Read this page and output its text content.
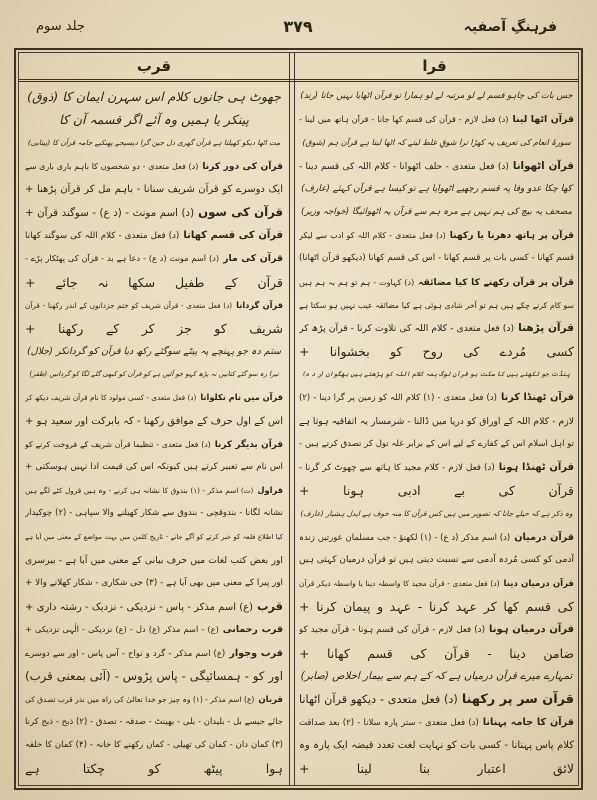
فرہنگِ آصفیہ
۳۷۹
جلد سوم
قرا
قرب
جس بات کی چاہو قسم لے لو مرتبہ لے لو ہمارا تو قرآن اٹھایا نہیں جاتا (رند)
قرآن اٹھا لینا(د) فعل لازم - قرآن کی قسم کھا جانا - قرآن ہاتھ میں لینا -
سورۂ انعام کی تعریف پہ کھڑا ترا شوقِ غلط لیتے کہ اٹھا لیتا ہے قرآن ہم (شوق)
قرآن اٹھوانا(د) فعل متعدی - حلف اٹھوانا - کلام اللہ کی قسم دینا -
کھا چکا عدو وفا پہ قسم رچھپے اٹھوایا ہے تو کیسا ہے قرآن کہئے (عارف)
مصحف یہ بیچ کی ہم نہیں ہے مرہ ہم سے قرآن یہ اٹھوائیگا (خواجہ وزیر)
قرآن پر ہاتھ دھرنا یا رکھنا(د) فعل متعدی - کلام اللہ کو ادب سے لیکر
قسم کھانا - کسی بات پر قسم کھانا - اس کی قسم کھانا (دیکھو قرآن اٹھانا)
قرآن پر قرآن رکھنے کا کیا مضائقہ(د) کہاوت - ہم تو ہم بہ ہم ہیں
سو کام کرنے چکے ہیں ہم تو آخر شادی ہوئی ہے کیا مضائقہ عیب نہیں ہو سکتا ہے
قرآن پڑھنا(د) فعل متعدی - کلام اللہ کی تلاوت کرنا - قرآن پڑھ کر
کسی مُردے کی روح کو بخشوانا +
پنڈت جو لکھتے ہیں کا سکت ہو قرآن لوگ ہمہ کلام اللہ کو پڑھتے ہیں بھگوان (ر د ہ)
قرآن ٹھنڈا کرنا(د) فعل متعدی - (۱) کلام اللہ کو زمین پر گرا دینا - (۲)
لازم - کلام اللہ کے اوراق کو دریا میں ڈالنا - شرمسار یہ اتفاقیہ ہوتا ہے
تو اہل اسلام اس کے کفارے کے لیے اس کے برابر غلہ تول کر تصدق کرتے ہیں -
قرآن ٹھنڈا ہونا(د) فعل لازم - کلام مجید کا ہاتھ سے چھوٹ کر گرنا -
قرآن کی بے ادبی ہونا +
وہ ذکر ہے کہ حیلے جانا کہ تصویر میں ہیں کس قرآن کا منہ خوف ہے ایدل ہشیار (عارف)
قرآن درمیان(د) اسم مذکر (د ع) - (۱) لکھنؤ - جب مسلمان عورتیں زندہ
آدمی کو کسی مُردہ آدمی سے نسبت دیتی ہیں تو قرآن درمیان کہتی ہیں
قرآن درمیان دینا(د) فعل متعدی - قرآن مجید کا واسطہ دینا یا واسطہ دیکر قرآن
کی قسم کھا کر عہد کرنا - عہد و پیمان کرنا +
قرآن درمیان ہونا(د) فعل لازم - قرآن کی قسم ہونا - قرآن مجید کو
ضامن دینا - قرآن کی قسم کھانا +
تمہارے میرے قرآن درمیاں ہے کہ کے ہم سے بیمار اخلاص (صابر)
قرآن سر پر رکھنا(د) فعل متعدی - دیکھو قرآن اٹھانا
قرآن کا جامہ پہنانا(د) فعل متعدی - ستر پارہ سلانا - (۲) بعد صداقت
کلام پاس پہنانا - کسی بات کو نہایت لغت تعدد قبضہ ایک پارہ وہ
لائق اعتبار بنا لینا +
جھوٹ ہی جانوں کلام اس سہرن ایمان کا (ذوق)
پینکر یا ہمیں وہ آئے اگر قسمہ آن کا
مت اٹھا دیکو کھیلتا ہے قرآن گھری دل جین گرا دیسیجے پھنکیے جامہ قرآن کا (بیتابی)
قرآن کی دور کرنا(د) فعل متعدی - دو شخصوں کا باہم باری باری سے
ایک دوسرے کو قرآن شریف سنانا - باہم مل کر قرآن پڑھنا +
قرآن کی سوں(د) اسم مونث - (د ع) - سوگند قرآن +
قرآن کی قسم کھانا(د) فعل متعدی - کلام اللہ کی سوگند کھانا
قرآن کی مار(د) اسم مونث (د ع) - دعا ہے بد - قرآن کی پھٹکار پڑے -
قرآن کے طفیل سکھا نہ جائے +
قرآن گردانا(د) فعل متعدی - قرآن شریف کو ختم جزدانوں کے اندر رکھنا - قرآن
شریف کو جز کر کے رکھنا +
ستم دہ جو پہنچے پہ پیٹے سوگئے رکھ دیا قرآن کو گردانکر (جلال)
تیرا رہ سو گئے کتابیں نہ پڑھ کہو جو آئیں ہے کو قرآن کو کبھی گلے لگا کو گردانیں (ظفر)
قرآن میں نام نکلوانا(د) فعل متعدی - کسی مولود کا نام قرآن شریف دیکھ کر
اس کے اول حرف کے موافق رکھنا - کہ بابرکت اور سعید ہو +
قرآن بدیگر کرنا(د) فعل متعدی - تنظیما قرآن شریف کے فروخت کرنے کو
اس نام سے تعبیر کرتے ہیں کیونکہ اس کی قیمت ادا نہیں ہوسکتی +
قراول(ت) اسم مذکر - (۱) بندوق کا نشانہ ہی کرنے - وہ ہیں قرول کٹے لگے ہیں
نشانہ لگانا - بندوقچی - بندوق سے شکار کھیلنے والا سپاہی - (۲) چوکیدار
کیا اطلاع قلعہ کو خبر کرتے کو آگے جانے - تاریخ کلمن میں بہت مواضع کے معنی میں آیا ہے
اور بعض کتب لغات میں حرف بیانی کے معنی میں آیا ہے - بیرسری
اور پیرا کے معنی میں بھی آیا ہے - (۳) جی شکاری - شکار کھلانے والا +
قرب(ع) اسم مذکر - پاس - نزدیکی - نزدیک - رشتہ داری +
قرب رحمانی(ع) - اسم مذکر (ع) دل - (ع) نزدیکی - الٰہی نزدیکی +
قرب وجوار(ع) اسم مذکر - گرد و نواح - آس پاس - اور سے دوسرے
اور کو - ہمسائیگی - پاس پڑوس - (آئی بمعنی قرب)
قربان(ع) اسم مذکر - (۱) وہ چیز جو خدا تعالیٰ کی راہ میں نذر قرب تصدق کی
جائے جیسے بل - بلیدان - بلی - بھینٹ - صدقہ - تصدق - (۲) ذبح - ذبح کرنا
(۳) کمان دان - کمان کی تھیلی - کمان رکھنے کا خانہ - (۴) کمان کا خلقہ
ہوا پیٹھ کو چکتا ہے
